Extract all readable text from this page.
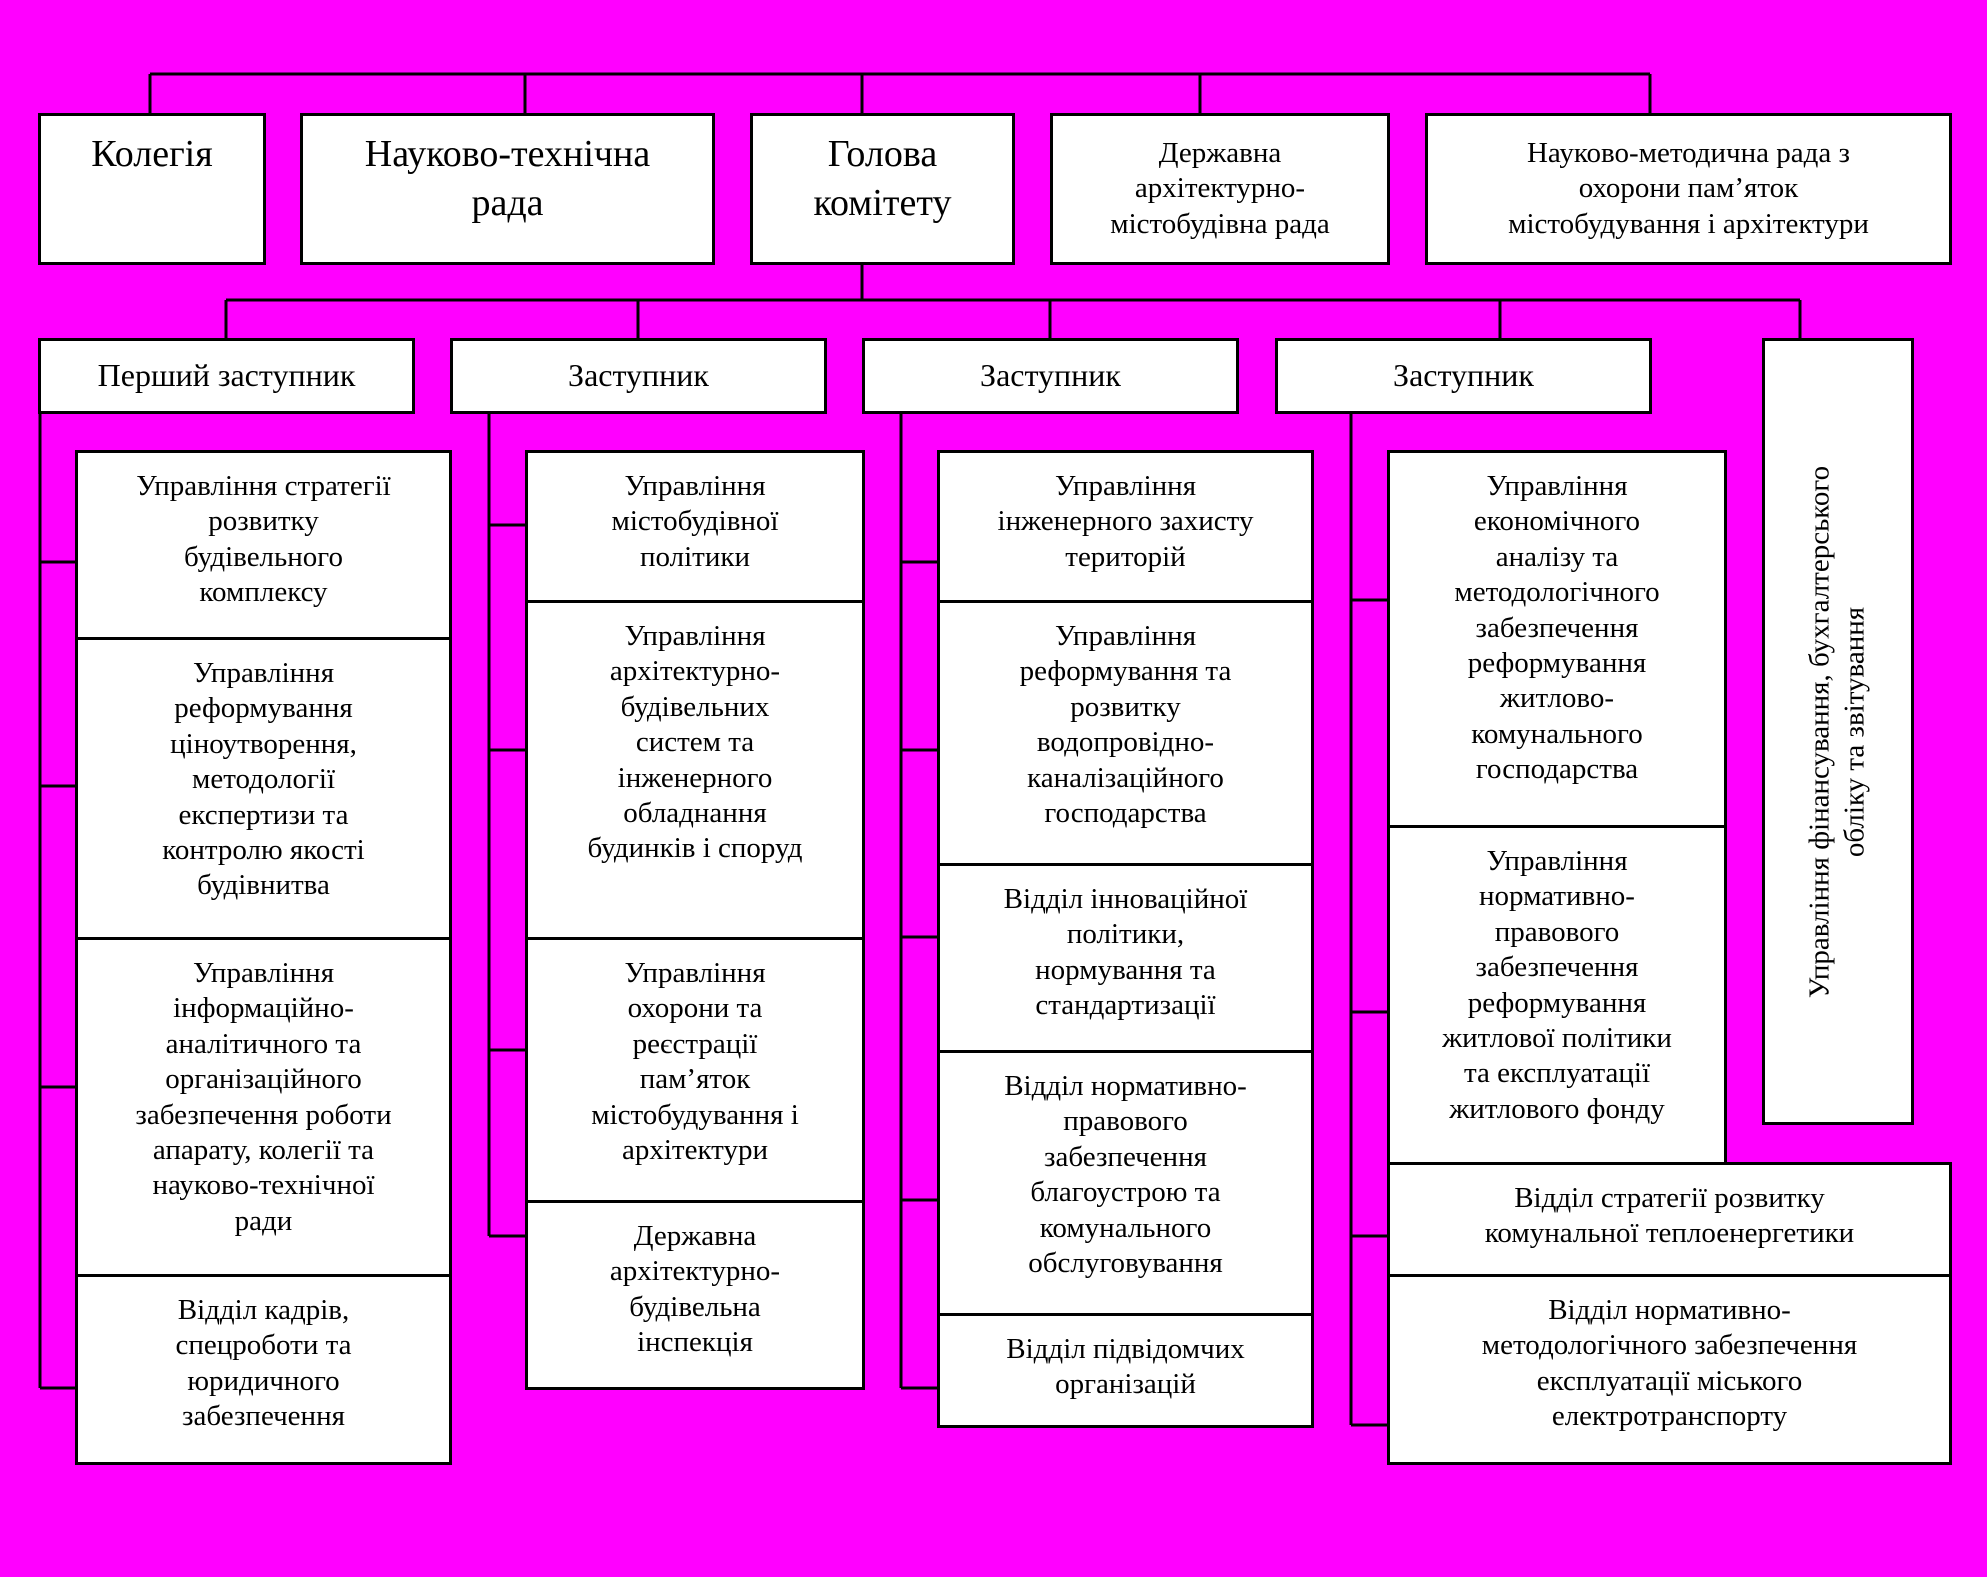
Колегія	Науково-технічна
рада
Голова
комітету
Державна
архітектурно-
містобудівна рада
Науково-методична рада з
охорони пам’яток
містобудування і архітектури
Перший заступник	Заступник	Заступник	Заступник
Управління фінансування, бухгалтерського
обліку та звітування
Управління стратегії
розвитку
будівельного
комплексу
Управління
реформування
ціноутворення,
методології
експертизи та
контролю якості
будівнитва
Управління
інформаційно-
аналітичного та
організаційного
забезпечення роботи
апарату, колегії та
науково-технічної
ради
Відділ кадрів,
спецроботи та
юридичного
забезпечення
Управління
містобудівної
політики
Управління
архітектурно-
будівельних
систем та
інженерного
обладнання
будинків і споруд
Управління
охорони та
реєстрації
пам’яток
містобудування і
архітектури
Державна
архітектурно-
будівельна
інспекція
Управління
інженерного захисту
територій
Управління
реформування та
розвитку
водопровідно-
каналізаційного
господарства
Відділ інноваційної
політики,
нормування та
стандартизації
Відділ нормативно-
правового
забезпечення
благоустрою та
комунального
обслуговування
Відділ підвідомчих
організацій
Управління
економічного
аналізу та
методологічного
забезпечення
реформування
житлово-
комунального
господарства
Управління
нормативно-
правового
забезпечення
реформування
житлової політики
та експлуатації
житлового фонду
Відділ стратегії розвитку
комунальної теплоенергетики
Відділ нормативно-
методологічного забезпечення
експлуатації міського
електротранспорту
